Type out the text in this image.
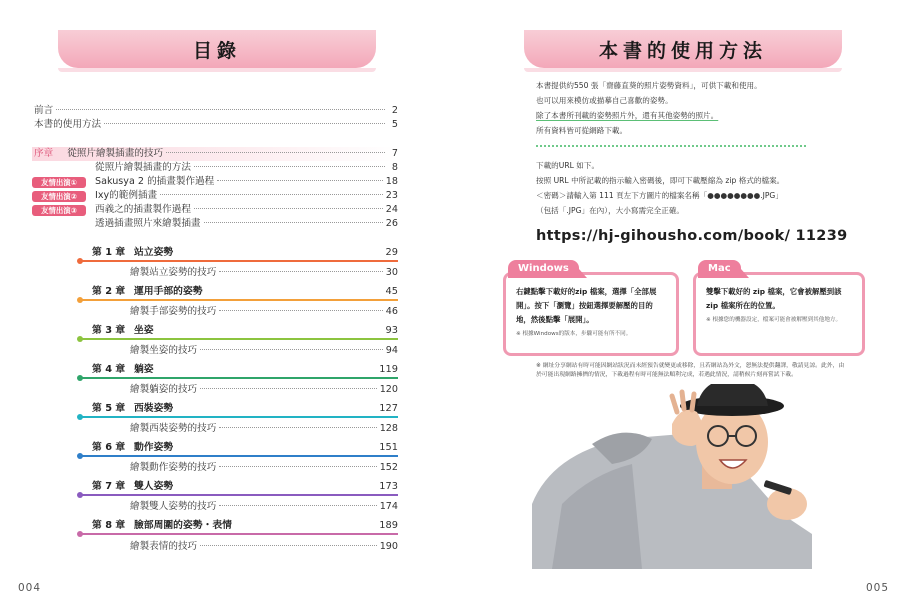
目錄
前言	2
本書的使用方法	5
序章 從照片繪製插畫的技巧	7
從照片繪製插畫的方法	8
友情出演①	Sakusya 2 的插畫製作過程	18
友情出演②	Ixy的範例插畫	23
友情出演③	西義之的插畫製作過程	24
透過插畫照片來繪製插畫	26
第 1 章 站立姿勢	29
繪製站立姿勢的技巧	30
第 2 章 運用手部的姿勢	45
繪製手部姿勢的技巧	46
第 3 章 坐姿	93
繪製坐姿的技巧	94
第 4 章 躺姿	119
繪製躺姿的技巧	120
第 5 章 西裝姿勢	127
繪製西裝姿勢的技巧	128
第 6 章 動作姿勢	151
繪製動作姿勢的技巧	152
第 7 章 雙人姿勢	173
繪製雙人姿勢的技巧	174
第 8 章 臉部周圍的姿勢・表情	189
繪製表情的技巧	190
004
本書的使用方法
本書提供約550 張「齋藤直葵的照片姿勢資料」，可供下載和使用。
也可以用來模仿或描摹自己喜歡的姿勢。
除了本書所刊載的姿勢照片外，還有其他姿勢的照片。
所有資料皆可從網路下載。
下載的URL 如下。
按照 URL 中所記載的指示輸入密碼後，即可下載壓縮為 zip 格式的檔案。
＜密碼＞請輸入第 111 頁左下方圖片的檔案名稱「●●●●●●●●.JPG」
（包括「.JPG」在內），大小寫需完全正確。
https://hj-gihousho.com/book/ 11239
Windows
右鍵點擊下載好的zip 檔案，選擇「全部展開」。按下「瀏覽」按鈕選擇要解壓的目的地，然後點擊「展開」。
※ 根據Windows的版本，步驟可能有所不同。
Mac
雙擊下載好的 zip 檔案，它會被解壓到該 zip 檔案所在的位置。
※ 根據您的機器設定，檔案可能會被解壓到其他地方。
※ 網址分享網站有時可能因網站狀況而未經預告就變更或移除，且若網站為外文，恕無法提供翻譯，敬請見諒。此外，由於可能出現網路擁擠的情況，下載過程有時可能無法順利完成，若遇此情況，請稍候片刻再嘗試下載。
005
